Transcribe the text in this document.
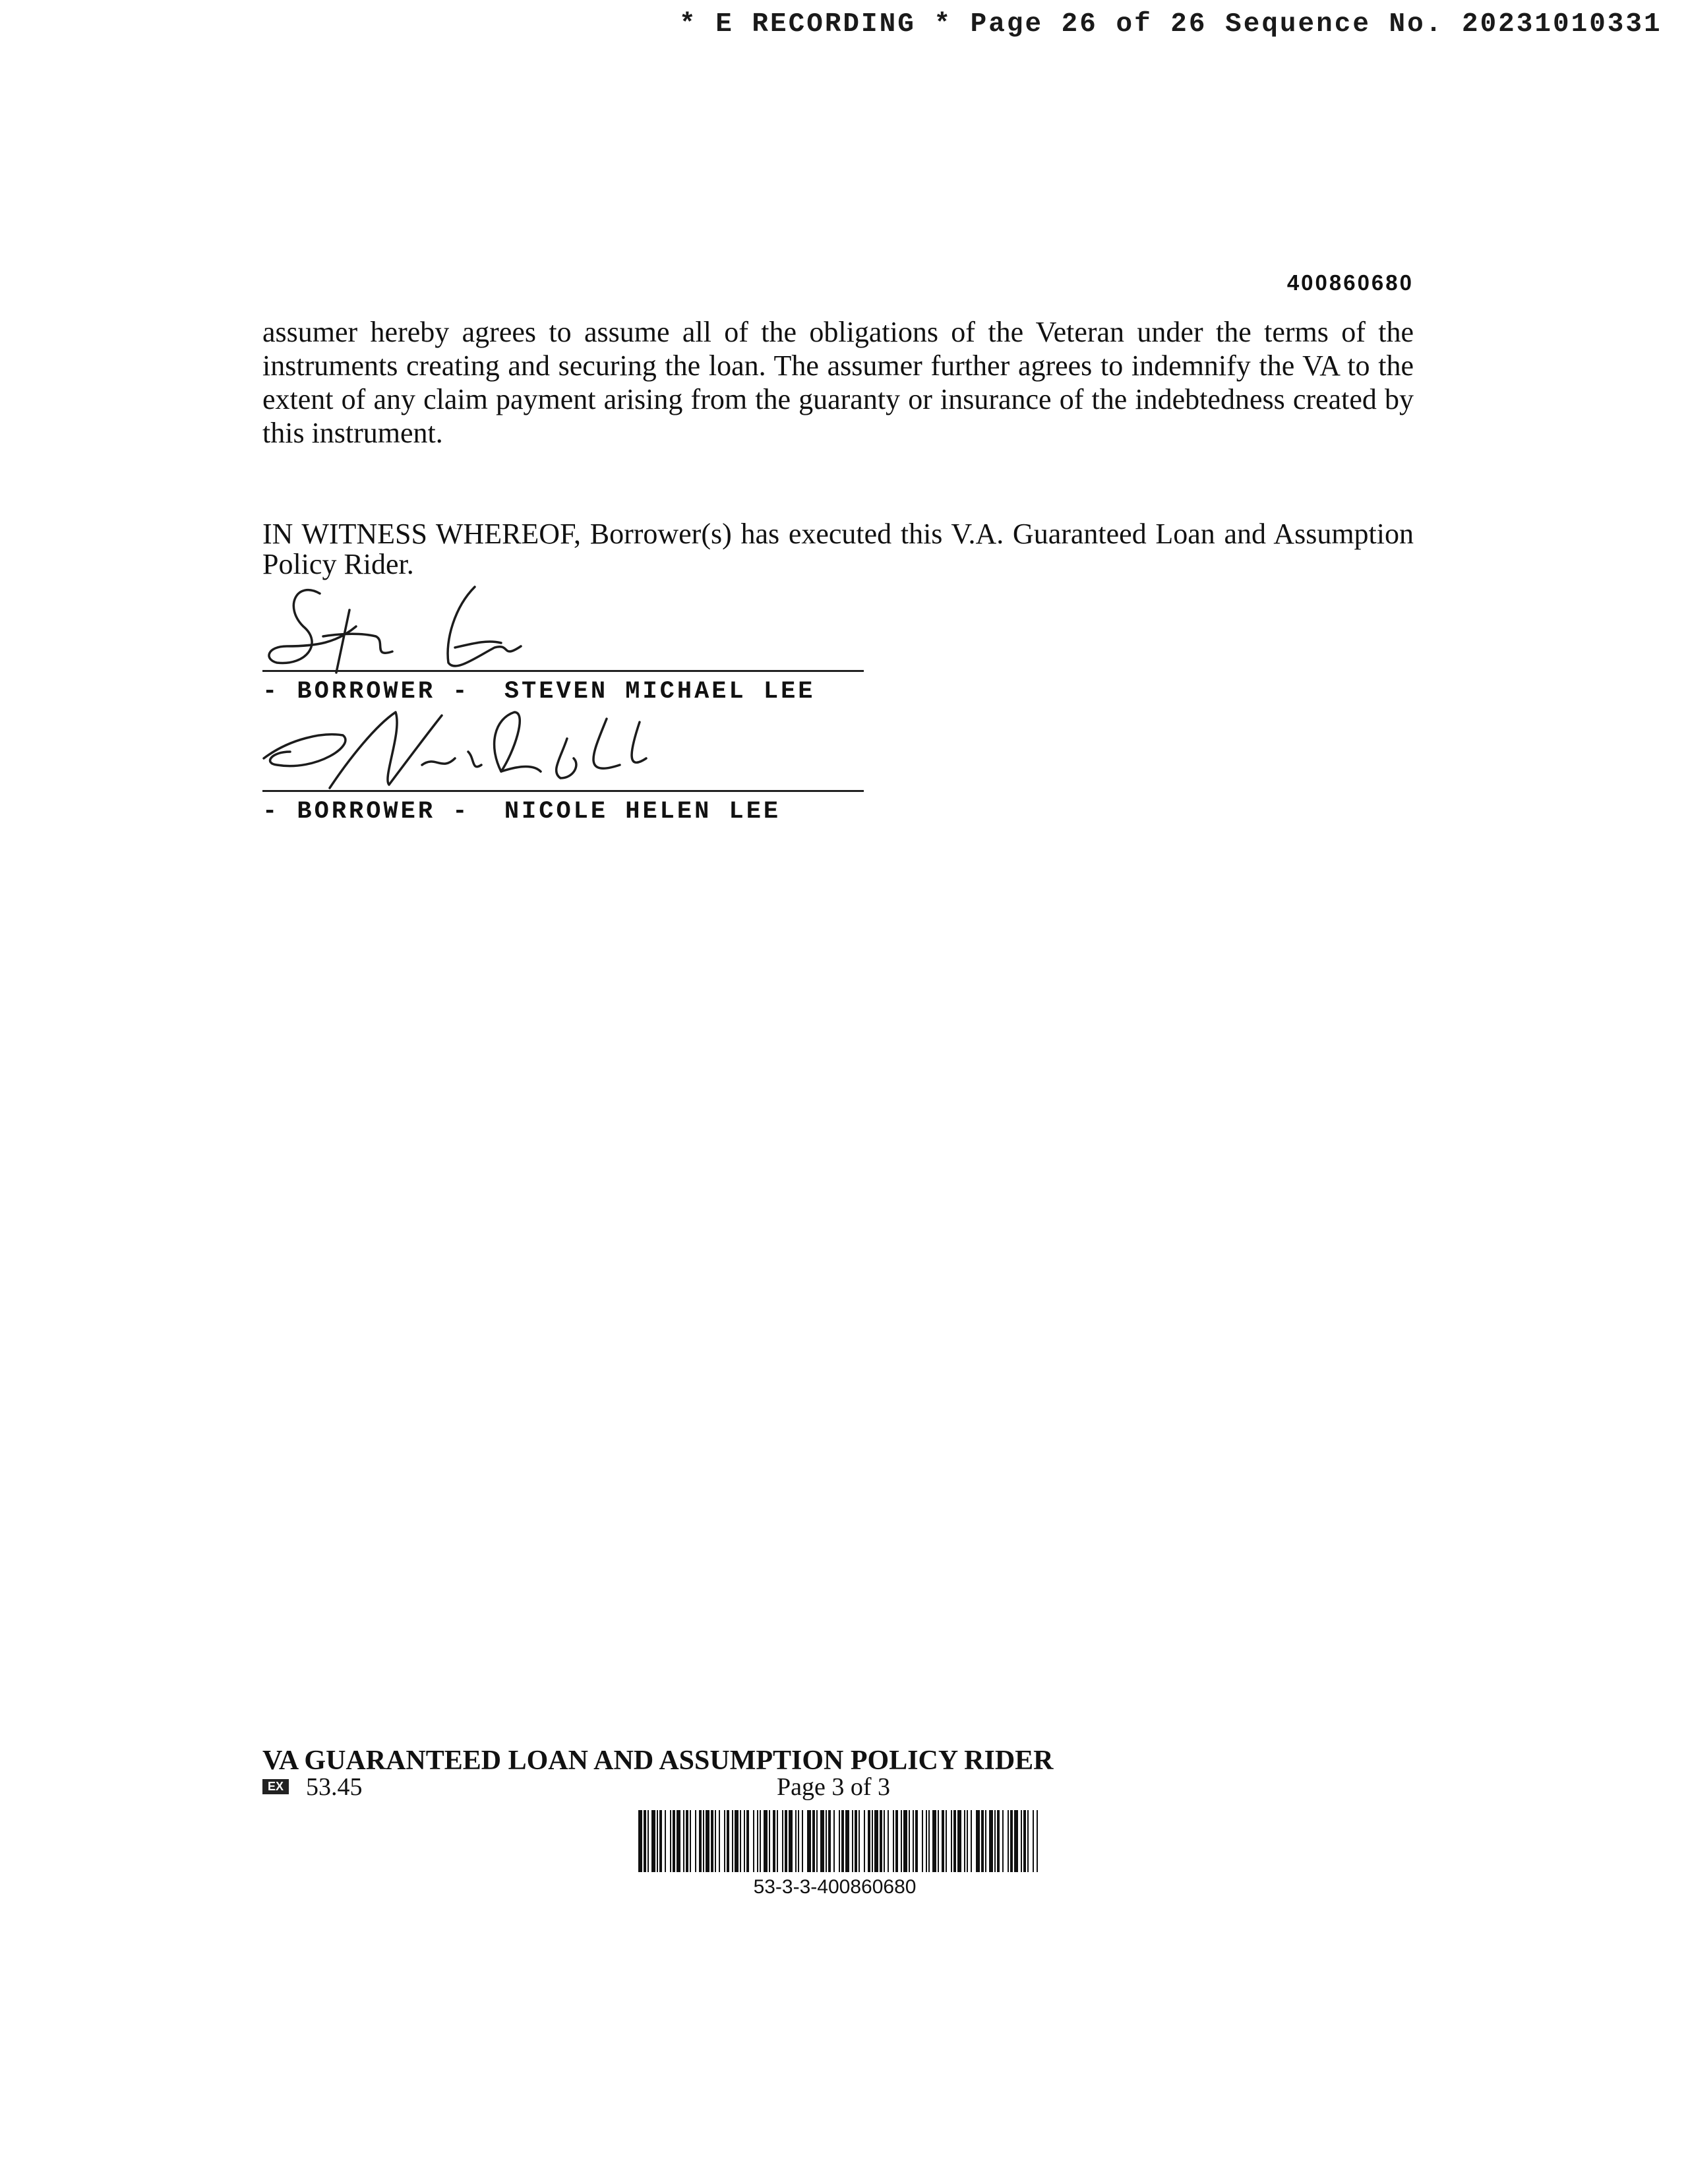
* E RECORDING * Page 26 of 26 Sequence No. 20231010331
400860680
assumer hereby agrees to assume all of the obligations of the Veteran under the terms of the instruments creating and securing the loan. The assumer further agrees to indemnify the VA to the extent of any claim payment arising from the guaranty or insurance of the indebtedness created by this instrument.
IN WITNESS WHEREOF, Borrower(s) has executed this V.A. Guaranteed Loan and Assumption Policy Rider.
- BORROWER -  STEVEN MICHAEL LEE
- BORROWER -  NICOLE HELEN LEE
VA GUARANTEED LOAN AND ASSUMPTION POLICY RIDER
EX 53.45	Page 3 of 3
53-3-3-400860680
